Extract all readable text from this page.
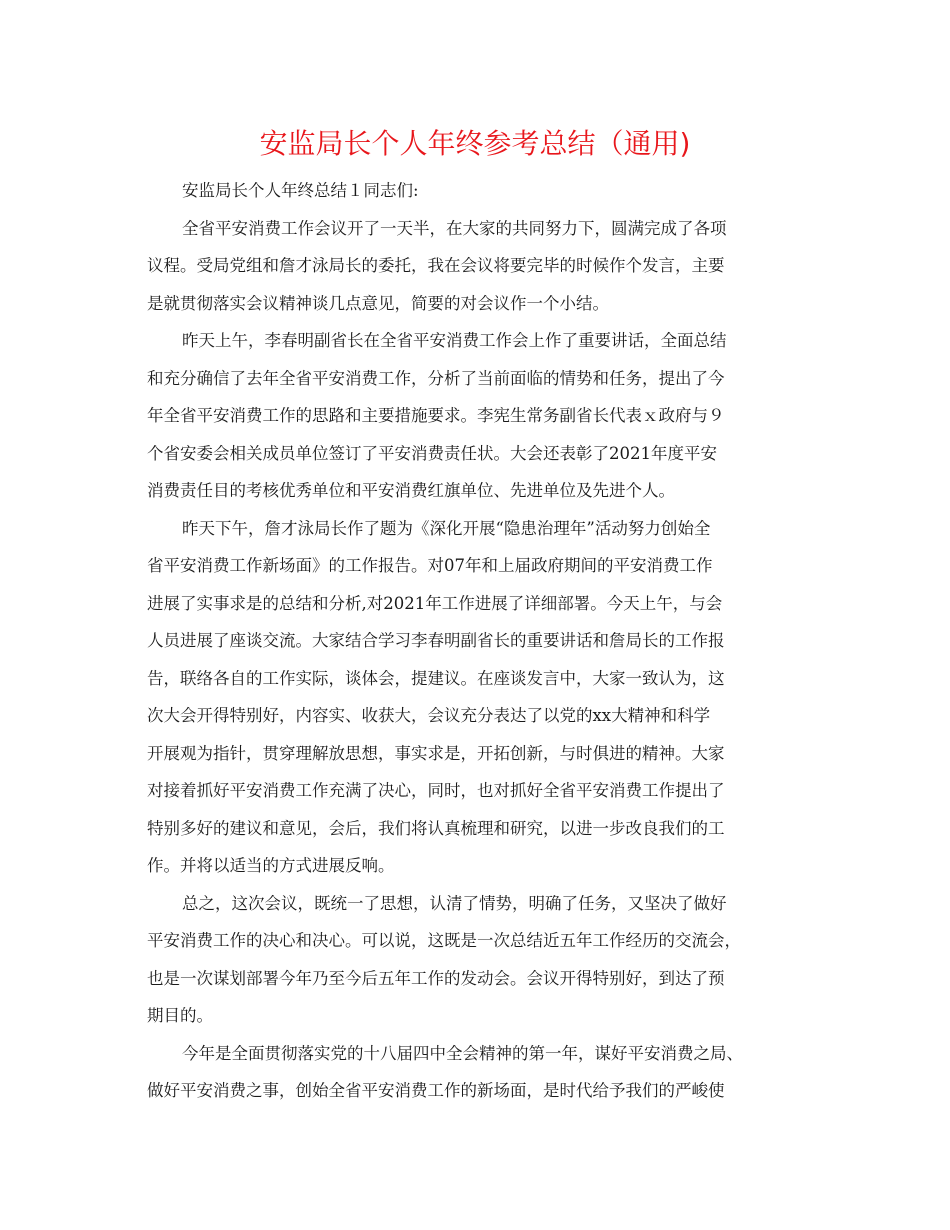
安监局长个人年终参考总结（通用)
安监局长个人年终总结１同志们:
全省平安消费工作会议开了一天半，在大家的共同努力下，圆满完成了各项
议程。受局党组和詹才泳局长的委托，我在会议将要完毕的时候作个发言，主要
是就贯彻落实会议精神谈几点意见，简要的对会议作一个小结。
昨天上午，李春明副省长在全省平安消费工作会上作了重要讲话，全面总结
和充分确信了去年全省平安消费工作，分析了当前面临的情势和任务，提出了今
年全省平安消费工作的思路和主要措施要求。李宪生常务副省长代表ｘ政府与９
个省安委会相关成员单位签订了平安消费责任状。大会还表彰了2021年度平安
消费责任目的考核优秀单位和平安消费红旗单位、先进单位及先进个人。
昨天下午，詹才泳局长作了题为《深化开展“隐患治理年”活动努力创始全
省平安消费工作新场面》的工作报告。对07年和上届政府期间的平安消费工作
进展了实事求是的总结和分析,对2021年工作进展了详细部署。今天上午，与会
人员进展了座谈交流。大家结合学习李春明副省长的重要讲话和詹局长的工作报
告，联络各自的工作实际，谈体会，提建议。在座谈发言中，大家一致认为，这
次大会开得特别好，内容实、收获大，会议充分表达了以党的xx大精神和科学
开展观为指针，贯穿理解放思想，事实求是，开拓创新，与时俱进的精神。大家
对接着抓好平安消费工作充满了决心，同时，也对抓好全省平安消费工作提出了
特别多好的建议和意见，会后，我们将认真梳理和研究，以进一步改良我们的工
作。并将以适当的方式进展反响。
总之，这次会议，既统一了思想，认清了情势，明确了任务，又坚决了做好
平安消费工作的决心和决心。可以说，这既是一次总结近五年工作经历的交流会，
也是一次谋划部署今年乃至今后五年工作的发动会。会议开得特别好，到达了预
期目的。
今年是全面贯彻落实党的十八届四中全会精神的第一年，谋好平安消费之局、
做好平安消费之事，创始全省平安消费工作的新场面，是时代给予我们的严峻使
